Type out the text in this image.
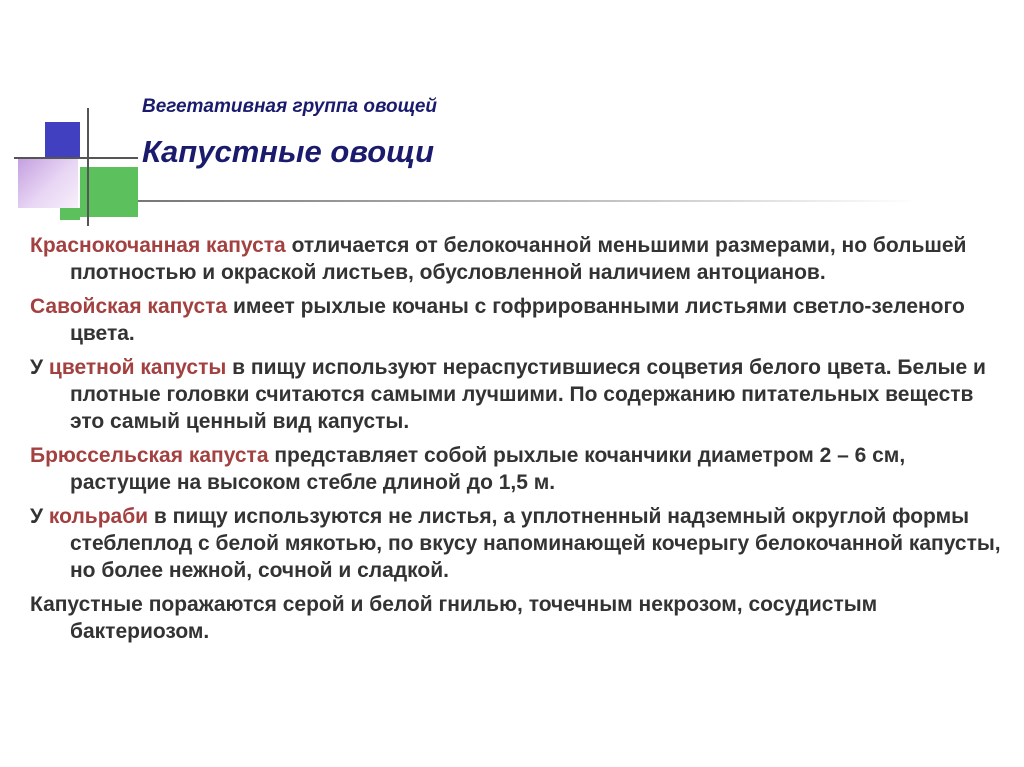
Вегетативная группа овощей
Капустные овощи

Краснокочанная капуста отличается от белокочанной меньшими размерами, но большей плотностью и окраской листьев, обусловленной наличием антоцианов.

Савойская капуста имеет рыхлые кочаны с гофрированными листьями светло-зеленого цвета.

У цветной капусты в пищу используют нераспустившиеся соцветия белого цвета. Белые и плотные головки считаются самыми лучшими. По содержанию питательных веществ это самый ценный вид капусты.

Брюссельская капуста представляет собой рыхлые кочанчики диаметром 2 – 6 см, растущие на высоком стебле длиной до 1,5 м.

У кольраби в пищу используются не листья, а уплотненный надземный округлой формы стеблеплод с белой мякотью, по вкусу напоминающей кочерыгу белокочанной капусты, но более нежной, сочной и сладкой.

Капустные поражаются серой и белой гнилью, точечным некрозом, сосудистым бактериозом.
